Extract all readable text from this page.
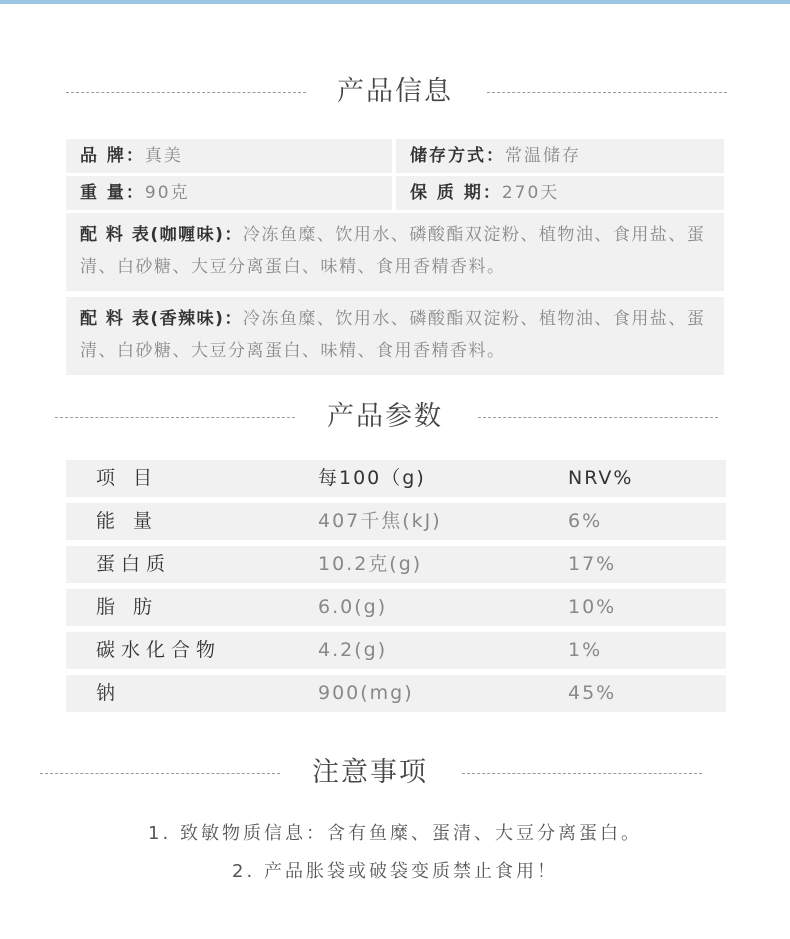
产品信息
品 牌：真美	储存方式：常温储存
重 量：90克	保 质 期：270天
配 料 表(咖喱味)：冷冻鱼糜、饮用水、磷酸酯双淀粉、植物油、食用盐、蛋清、白砂糖、大豆分离蛋白、味精、食用香精香料。
配 料 表(香辣味)：冷冻鱼糜、饮用水、磷酸酯双淀粉、植物油、食用盐、蛋清、白砂糖、大豆分离蛋白、味精、食用香精香料。
产品参数
项 目	每100（g)	NRV%
能 量	407千焦(kJ)	6%
蛋白质	10.2克(g)	17%
脂 肪	6.0(g)	10%
碳水化合物	4.2(g)	1%
钠	900(mg)	45%
注意事项
1. 致敏物质信息：含有鱼糜、蛋清、大豆分离蛋白。
2. 产品胀袋或破袋变质禁止食用！
